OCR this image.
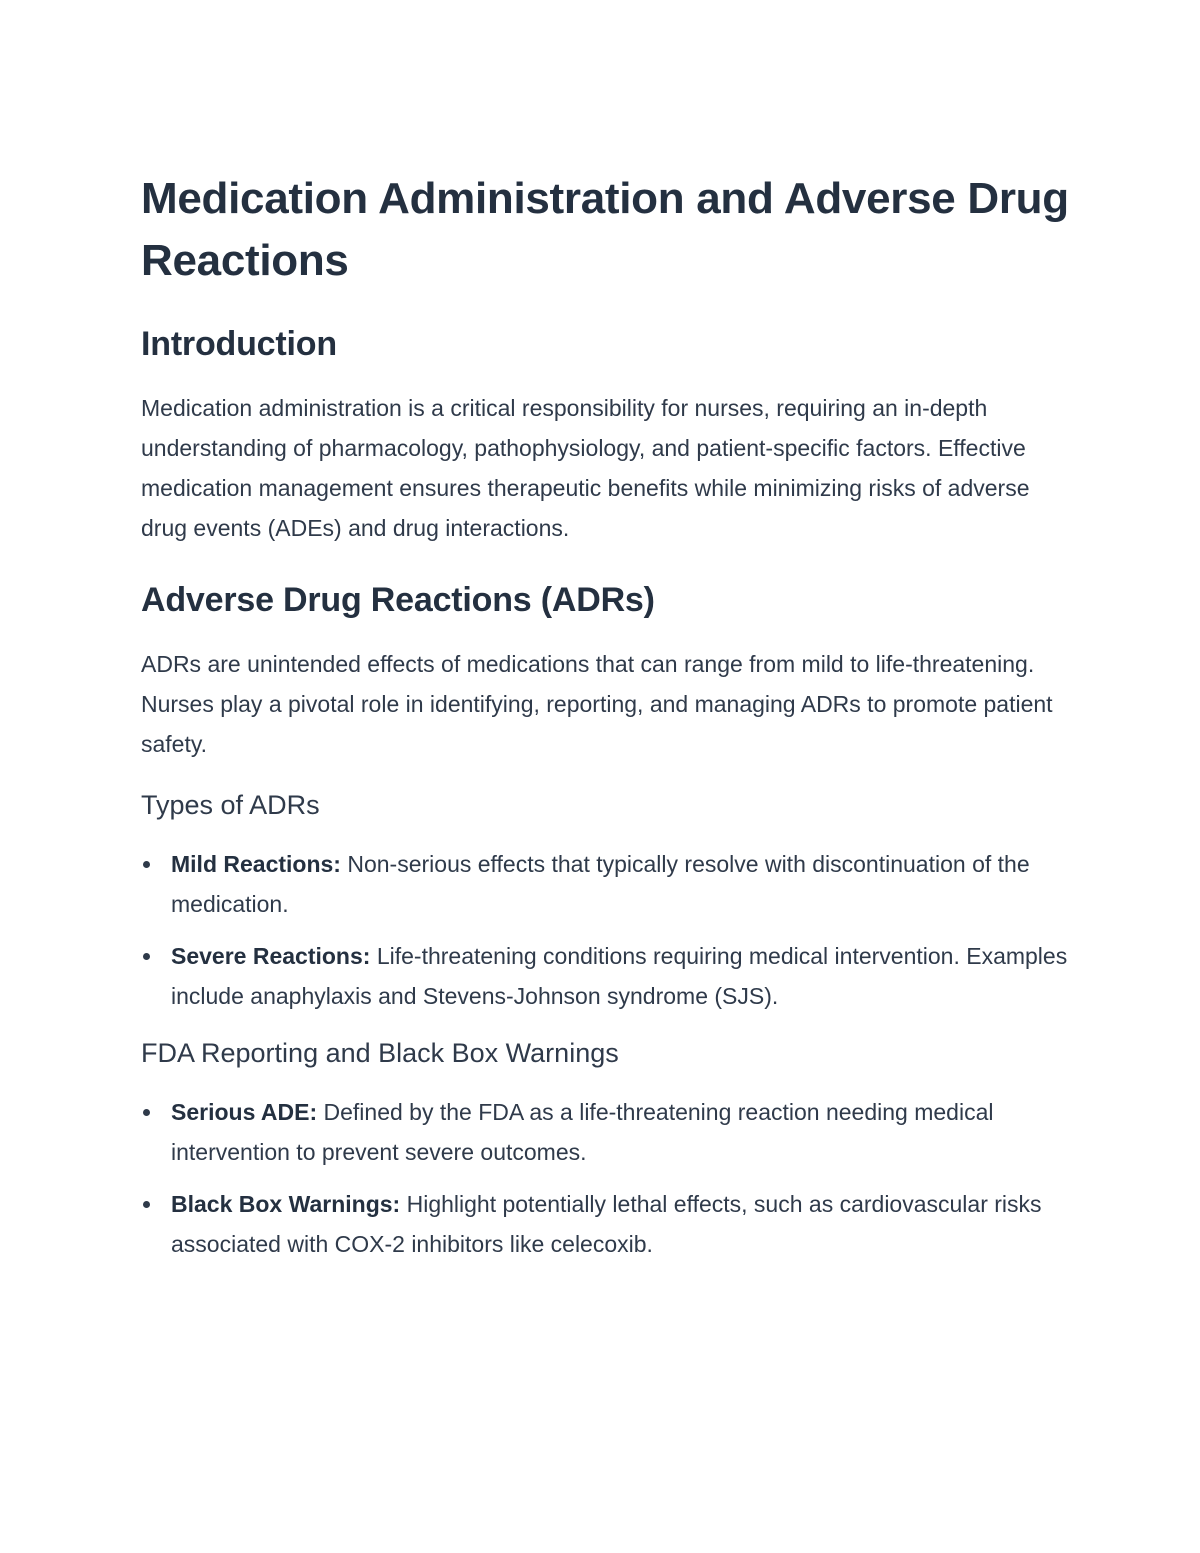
Medication Administration and Adverse Drug Reactions
Introduction

Medication administration is a critical responsibility for nurses, requiring an in-depth understanding of pharmacology, pathophysiology, and patient-specific factors. Effective medication management ensures therapeutic benefits while minimizing risks of adverse drug events (ADEs) and drug interactions.

Adverse Drug Reactions (ADRs)

ADRs are unintended effects of medications that can range from mild to life-threatening. Nurses play a pivotal role in identifying, reporting, and managing ADRs to promote patient safety.

Types of ADRs
Mild Reactions: Non-serious effects that typically resolve with discontinuation of the medication.
Severe Reactions: Life-threatening conditions requiring medical intervention. Examples include anaphylaxis and Stevens-Johnson syndrome (SJS).
FDA Reporting and Black Box Warnings
Serious ADE: Defined by the FDA as a life-threatening reaction needing medical intervention to prevent severe outcomes.
Black Box Warnings: Highlight potentially lethal effects, such as cardiovascular risks associated with COX-2 inhibitors like celecoxib.
